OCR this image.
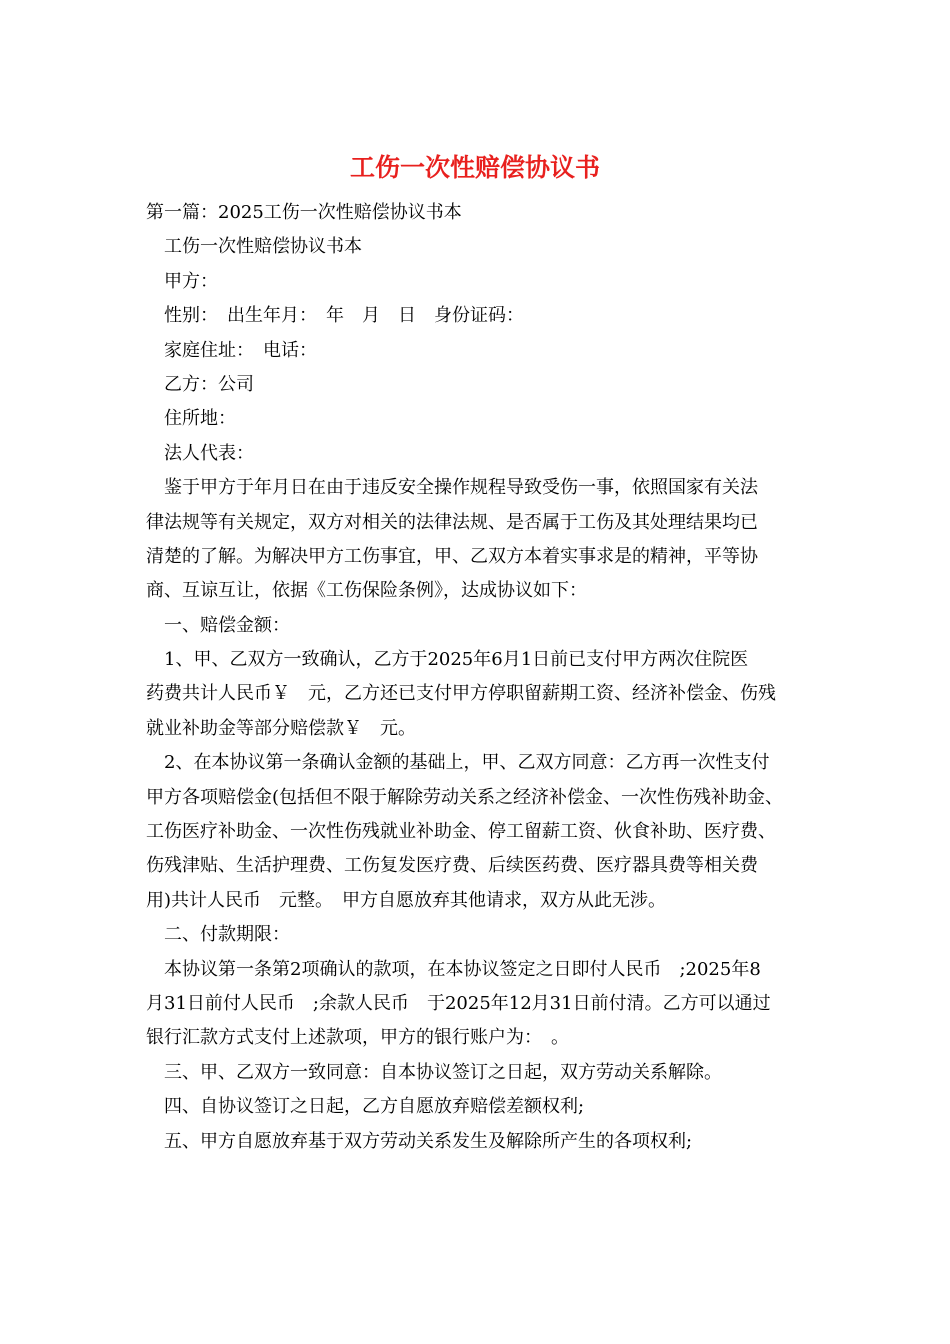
工伤一次性赔偿协议书
第一篇：2025工伤一次性赔偿协议书本
工伤一次性赔偿协议书本
甲方：
性别：　出生年月：　年　月　日　身份证码：
家庭住址：　电话：
乙方：公司
住所地：
法人代表：
鉴于甲方于年月日在由于违反安全操作规程导致受伤一事，依照国家有关法
律法规等有关规定，双方对相关的法律法规、是否属于工伤及其处理结果均已
清楚的了解。为解决甲方工伤事宜，甲、乙双方本着实事求是的精神，平等协
商、互谅互让，依据《工伤保险条例》，达成协议如下：
一、赔偿金额：
1、甲、乙双方一致确认，乙方于2025年6月1日前已支付甲方两次住院医
药费共计人民币￥　元，乙方还已支付甲方停职留薪期工资、经济补偿金、伤残
就业补助金等部分赔偿款￥　元。
2、在本协议第一条确认金额的基础上，甲、乙双方同意：乙方再一次性支付
甲方各项赔偿金(包括但不限于解除劳动关系之经济补偿金、一次性伤残补助金、
工伤医疗补助金、一次性伤残就业补助金、停工留薪工资、伙食补助、医疗费、
伤残津贴、生活护理费、工伤复发医疗费、后续医药费、医疗器具费等相关费
用)共计人民币　元整。　甲方自愿放弃其他请求，双方从此无涉。
二、付款期限：
本协议第一条第2项确认的款项，在本协议签定之日即付人民币　;2025年8
月31日前付人民币　;余款人民币　于2025年12月31日前付清。乙方可以通过
银行汇款方式支付上述款项，甲方的银行账户为：　。
三、甲、乙双方一致同意：自本协议签订之日起，双方劳动关系解除。
四、自协议签订之日起，乙方自愿放弃赔偿差额权利;
五、甲方自愿放弃基于双方劳动关系发生及解除所产生的各项权利;
